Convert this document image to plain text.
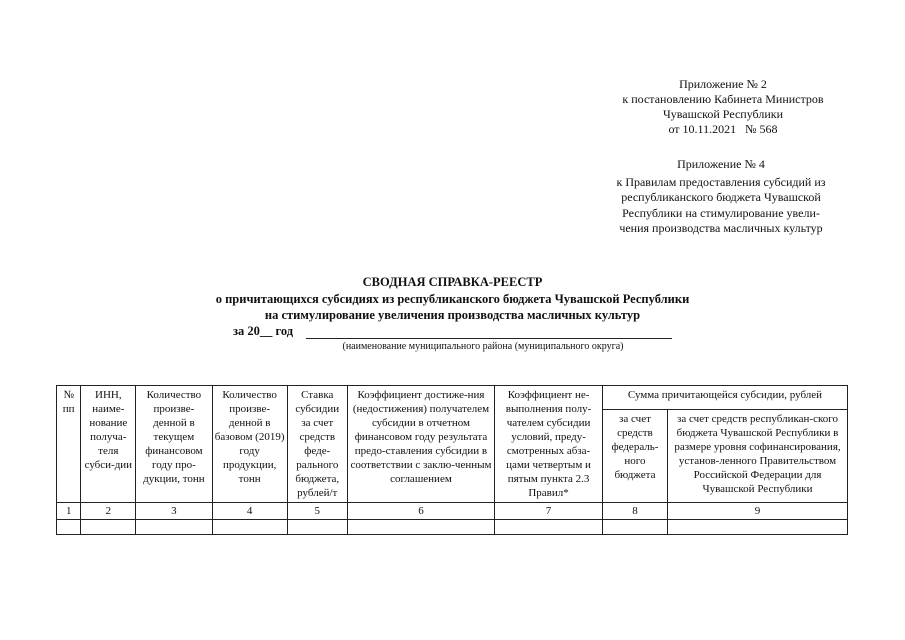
Приложение № 2
к постановлению Кабинета Министров
Чувашской Республики
от 10.11.2021   № 568
Приложение № 4
к Правилам предоставления субсидий из
республиканского бюджета Чувашской
Республики на стимулирование увели-
чения производства масличных культур
СВОДНАЯ СПРАВКА-РЕЕСТР
о причитающихся субсидиях из республиканского бюджета Чувашской Республики
на стимулирование увеличения производства масличных культур
за 20__ год
(наименование муниципального района (муниципального округа)
№ пп	ИНН, наиме-нование получа-теля субси-дии	Количество произве-денной в текущем финансовом году про-дукции, тонн	Количество произве-денной в базовом (2019) году продукции, тонн	Ставка субсидии за счет средств феде-рального бюджета, рублей/т	Коэффициент достиже-ния (недостижения) получателем субсидии в отчетном финансовом году результата предо-ставления субсидии в соответствии с заклю-ченным соглашением	Коэффициент не-выполнения полу-чателем субсидии условий, преду-смотренных абза-цами четвертым и пятым пункта 2.3 Правил*	Сумма причитающейся субсидии, рублей	
							за счет средств федераль-ного бюджета	за счет средств республикан-ского бюджета Чувашской Республики в размере уровня софинансирования, установ-ленного Правительством Российской Федерации для Чувашской Республики
1	2	3	4	5	6	7	8	9
